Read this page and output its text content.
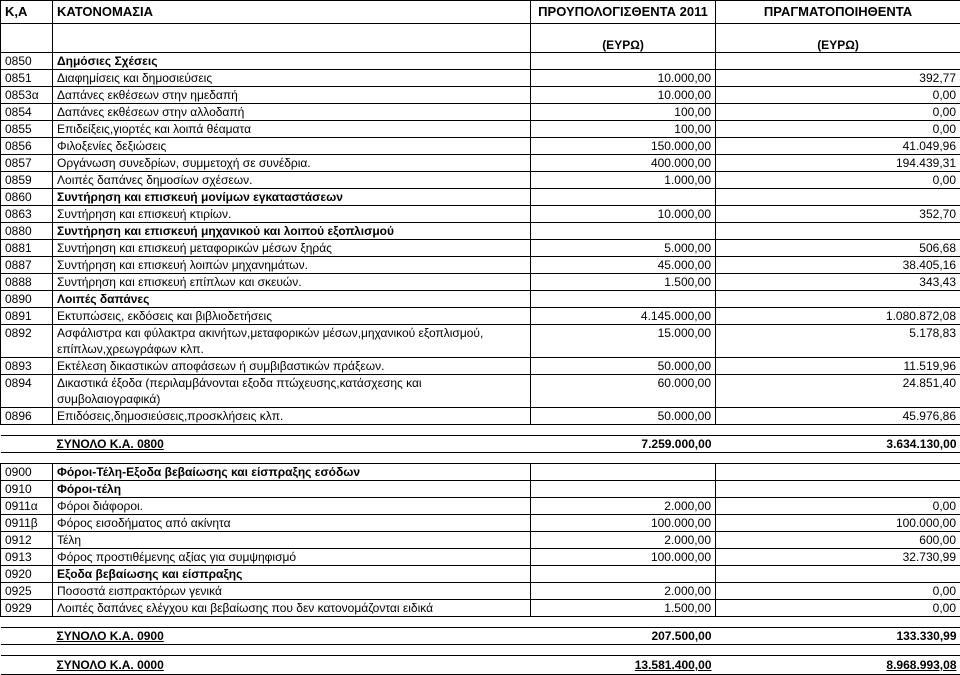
Κ,Α	ΚΑΤΟΝΟΜΑΣΙΑ	ΠΡΟΥΠΟΛΟΓΙΣΘΕΝΤΑ 2011	ΠΡΑΓΜΑΤΟΠΟΙΗΘΕΝΤΑ
		(ΕΥΡΩ)	(ΕΥΡΩ)
0850	Δημόσιες Σχέσεις		
0851	Διαφημίσεις και δημοσιεύσεις	10.000,00	392,77
0853α	Δαπάνες εκθέσεων στην ημεδαπή	10.000,00	0,00
0854	Δαπάνες εκθέσεων στην αλλοδαπή	100,00	0,00
0855	Επιδείξεις,γιορτές και λοιπά θέαματα	100,00	0,00
0856	Φιλοξενίες δεξιώσεις	150.000,00	41.049,96
0857	Οργάνωση συνεδρίων, συμμετοχή σε συνέδρια.	400.000,00	194.439,31
0859	Λοιπές δαπάνες δημοσίων σχέσεων.	1.000,00	0,00
0860	Συντήρηση και επισκευή μονίμων εγκαταστάσεων		
0863	Συντήρηση και επισκευή κτιρίων.	10.000,00	352,70
0880	Συντήρηση και επισκευή μηχανικού και λοιπού εξοπλισμού		
0881	Συντήρηση και επισκευή μεταφορικών μέσων ξηράς	5.000,00	506,68
0887	Συντήρηση και επισκευή λοιπών μηχανημάτων.	45.000,00	38.405,16
0888	Συντήρηση και επισκευή επίπλων και σκευών.	1.500,00	343,43
0890	Λοιπές δαπάνες		
0891	Εκτυπώσεις, εκδόσεις και βιβλιοδετήσεις	4.145.000,00	1.080.872,08
0892	Ασφάλιστρα και φύλακτρα ακινήτων,μεταφορικών μέσων,μηχανικού εξοπλισμού, επίπλων,χρεωγράφων κλπ.	15.000,00	5.178,83
0893	Εκτέλεση δικαστικών αποφάσεων ή συμβιβαστικών πράξεων.	50.000,00	11.519,96
0894	Δικαστικά έξοδα (περιλαμβάνονται εξοδα πτώχευσης,κατάσχεσης και συμβολαιογραφικά)	60.000,00	24.851,40
0896	Επιδόσεις,δημοσιεύσεις,προσκλήσεις κλπ.	50.000,00	45.976,86

	ΣΥΝΟΛΟ Κ.Α. 0800	7.259.000,00	3.634.130,00

0900	Φόροι-Τέλη-Εξοδα βεβαίωσης και είσπραξης εσόδων		
0910	Φόροι-τέλη		
0911α	Φόροι διάφοροι.	2.000,00	0,00
0911β	Φόρος εισοδήματος από ακίνητα	100.000,00	100.000,00
0912	Τέλη	2.000,00	600,00
0913	Φόρος προστιθέμενης αξίας για συμψηφισμό	100.000,00	32.730,99
0920	Εξοδα βεβαίωσης και είσπραξης		
0925	Ποσοστά εισπρακτόρων γενικά	2.000,00	0,00
0929	Λοιπές δαπάνες ελέγχου και βεβαίωσης που δεν κατονομάζονται ειδικά	1.500,00	0,00

	ΣΥΝΟΛΟ Κ.Α. 0900	207.500,00	133.330,99

	ΣΥΝΟΛΟ Κ.Α. 0000	13.581.400,00	8.968.993,08
